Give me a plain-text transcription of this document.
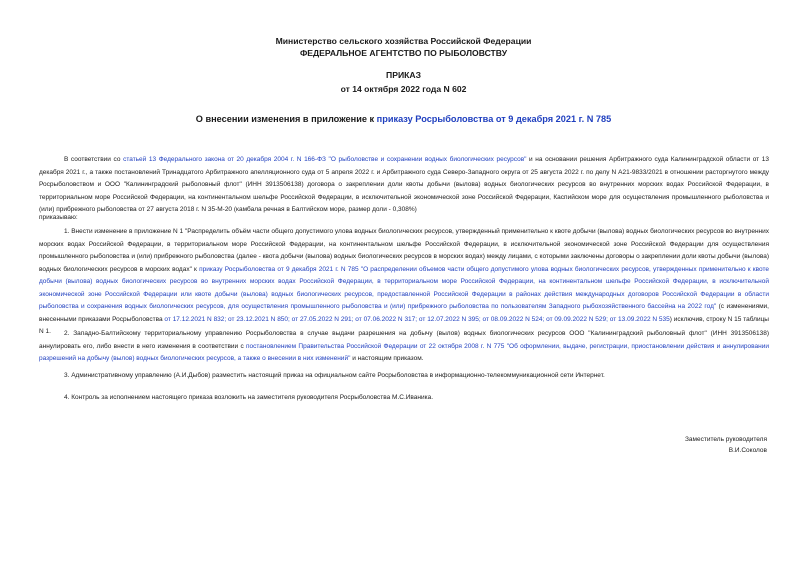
Министерство сельского хозяйства Российской Федерации
ФЕДЕРАЛЬНОЕ АГЕНТСТВО ПО РЫБОЛОВСТВУ
ПРИКАЗ
от 14 октября 2022 года N 602
О внесении изменения в приложение к приказу Росрыболовства от 9 декабря 2021 г. N 785
В соответствии со статьей 13 Федерального закона от 20 декабря 2004 г. N 166-ФЗ "О рыболовстве и сохранении водных биологических ресурсов" и на основании решения Арбитражного суда Калининградской области от 13 декабря 2021 г., а также постановлений Тринадцатого Арбитражного апелляционного суда от 5 апреля 2022 г. и Арбитражного суда Северо-Западного округа от 25 августа 2022 г. по делу N А21-9833/2021 в отношении расторгнутого между Росрыболовством и ООО "Калининградский рыболовный флот" (ИНН 3913506138) договора о закреплении доли квоты добычи (вылова) водных биологических ресурсов во внутренних морских водах Российской Федерации, в территориальном море Российской Федерации, на континентальном шельфе Российской Федерации, в исключительной экономической зоне Российской Федерации, Каспийском море для осуществления промышленного рыболовства и (или) прибрежного рыболовства от 27 августа 2018 г. N 35-М-20 (камбала речная в Балтийском море, размер доли - 0,308%)
приказываю:
1. Внести изменение в приложение N 1 "Распределить объём части общего допустимого улова водных биологических ресурсов, утвержденный применительно к квоте добычи (вылова) водных биологических ресурсов во внутренних морских водах Российской Федерации, в территориальном море Российской Федерации, на континентальном шельфе Российской Федерации, в исключительной экономической зоне Российской Федерации для осуществления промышленного рыболовства и (или) прибрежного рыболовства (далее - квота добычи (вылова) водных биологических ресурсов в морских водах) между лицами, с которыми заключены договоры о закреплении доли квоты добычи (вылова) водных биологических ресурсов в морских водах" к приказу Росрыболовства от 9 декабря 2021 г. N 785 "О распределении объемов части общего допустимого улова водных биологических ресурсов, утвержденных применительно к квоте добычи (вылова) водных биологических ресурсов во внутренних морских водах Российской Федерации, в территориальном море Российской Федерации, на континентальном шельфе Российской Федерации, в исключительной экономической зоне Российской Федерации или квоте добычи (вылова) водных биологических ресурсов, предоставленной Российской Федерации в районах действия международных договоров Российской Федерации в области рыболовства и сохранения водных биологических ресурсов, для осуществления промышленного рыболовства и (или) прибрежного рыболовства по пользователям Западного рыбохозяйственного бассейна на 2022 год" (с изменениями, внесенными приказами Росрыболовства от 17.12.2021 N 832; от 23.12.2021 N 850; от 27.05.2022 N 291; от 07.06.2022 N 317; от 12.07.2022 N 395; от 08.09.2022 N 524; от 09.09.2022 N 529; от 13.09.2022 N 535) исключив, строку N 15 таблицы N 1.	2. Западно-Балтийскому территориальному управлению Росрыболовства в случае выдачи разрешения на добычу (вылов) водных биологических ресурсов ООО "Калининградский рыболовный флот" (ИНН 3913506138) аннулировать его, либо внести в него изменения в соответствии с постановлением Правительства Российской Федерации от 22 октября 2008 г. N 775 "Об оформлении, выдаче, регистрации, приостановлении действия и аннулировании разрешений на добычу (вылов) водных биологических ресурсов, а также о внесении в них изменений" и настоящим приказом.
3. Административному управлению (А.И.Дыбов) разместить настоящий приказ на официальном сайте Росрыболовства в информационно-телекоммуникационной сети Интернет.
4. Контроль за исполнением настоящего приказа возложить на заместителя руководителя Росрыболовства М.С.Иваника.
Заместитель руководителя
В.И.Соколов
